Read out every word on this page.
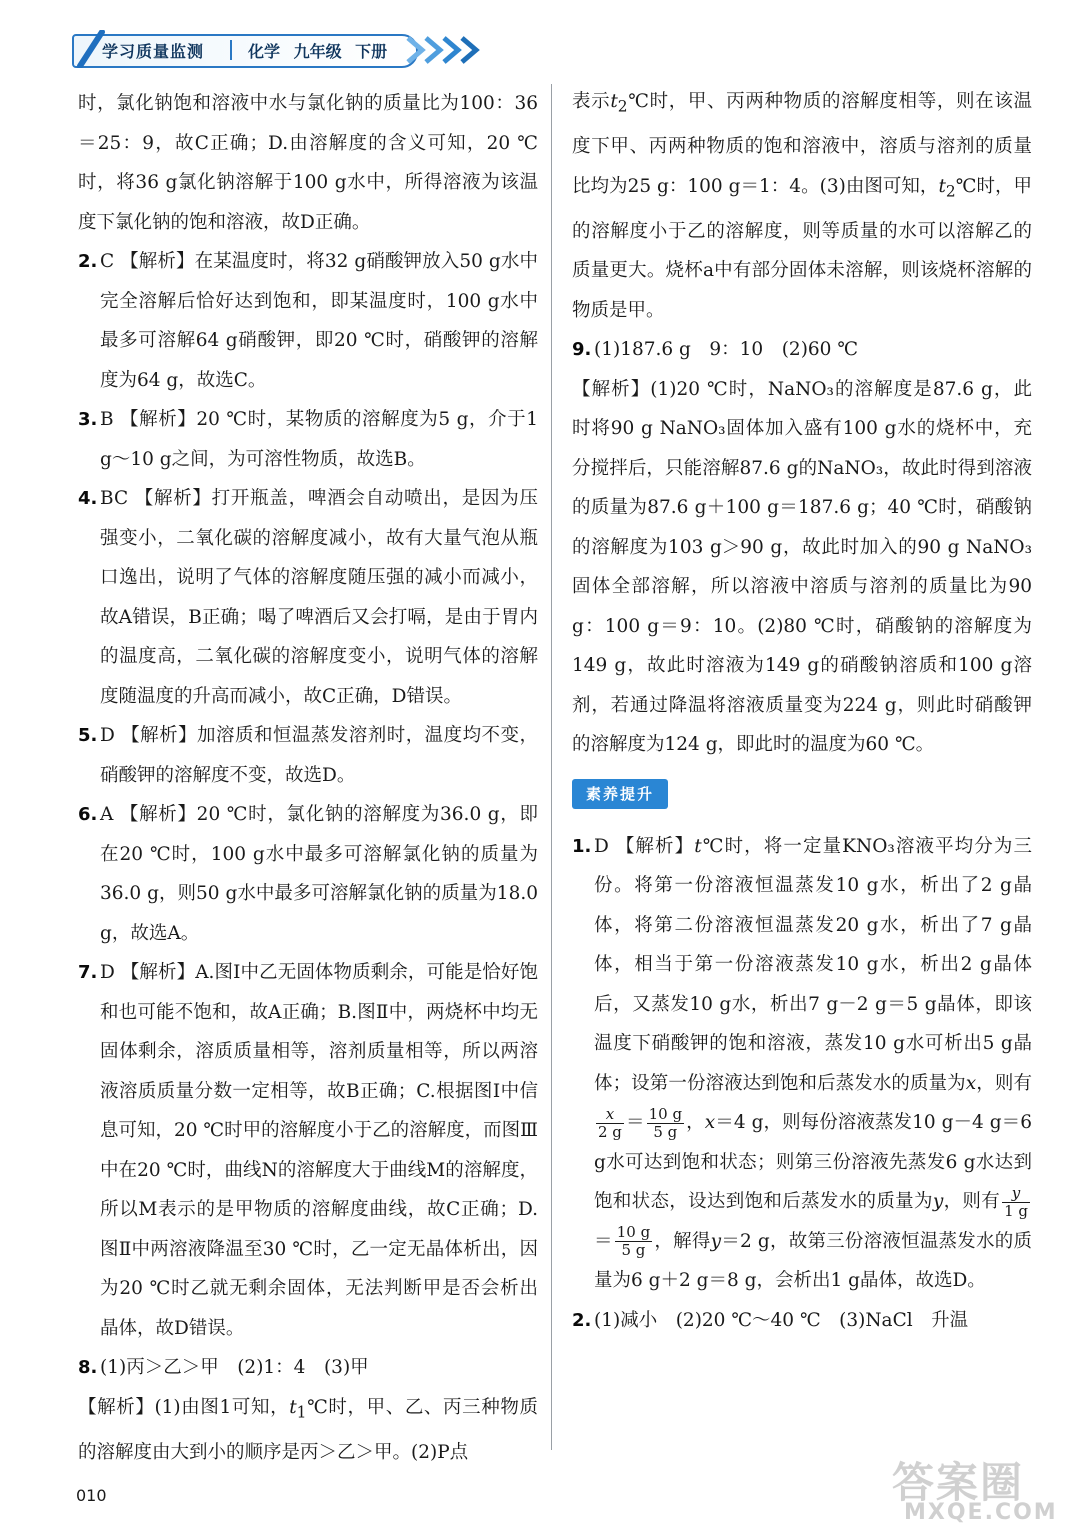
学习质量监测	化学 九年级 下册

时，氯化钠饱和溶液中水与氯化钠的质量比为100：36＝25：9，故C正确；D.由溶解度的含义可知，20 ℃时，将36 g氯化钠溶解于100 g水中，所得溶液为该温度下氯化钠的饱和溶液，故D正确。

2. C 【解析】在某温度时，将32 g硝酸钾放入50 g水中完全溶解后恰好达到饱和，即某温度时，100 g水中最多可溶解64 g硝酸钾，即20 ℃时，硝酸钾的溶解度为64 g，故选C。
3. B 【解析】20 ℃时，某物质的溶解度为5 g，介于1 g～10 g之间，为可溶性物质，故选B。
4. BC 【解析】打开瓶盖，啤酒会自动喷出，是因为压强变小，二氧化碳的溶解度减小，故有大量气泡从瓶口逸出，说明了气体的溶解度随压强的减小而减小，故A错误，B正确；喝了啤酒后又会打嗝，是由于胃内的温度高，二氧化碳的溶解度变小，说明气体的溶解度随温度的升高而减小，故C正确，D错误。
5. D 【解析】加溶质和恒温蒸发溶剂时，温度均不变，硝酸钾的溶解度不变，故选D。
6. A 【解析】20 ℃时，氯化钠的溶解度为36.0 g，即在20 ℃时，100 g水中最多可溶解氯化钠的质量为36.0 g，则50 g水中最多可溶解氯化钠的质量为18.0 g，故选A。
7. D 【解析】A.图Ⅰ中乙无固体物质剩余，可能是恰好饱和也可能不饱和，故A正确；B.图Ⅱ中，两烧杯中均无固体剩余，溶质质量相等，溶剂质量相等，所以两溶液溶质质量分数一定相等，故B正确；C.根据图Ⅰ中信息可知，20 ℃时甲的溶解度小于乙的溶解度，而图Ⅲ中在20 ℃时，曲线N的溶解度大于曲线M的溶解度，所以M表示的是甲物质的溶解度曲线，故C正确；D.图Ⅱ中两溶液降温至30 ℃时，乙一定无晶体析出，因为20 ℃时乙就无剩余固体，无法判断甲是否会析出晶体，故D错误。
8. (1)丙＞乙＞甲　(2)1：4　(3)甲

【解析】(1)由图1可知，$t_1℃$时，甲、乙、丙三种物质的溶解度由大到小的顺序是丙＞乙＞甲。(2)P点

表示$t_2℃$时，甲、丙两种物质的溶解度相等，则在该温度下甲、丙两种物质的饱和溶液中，溶质与溶剂的质量比均为25 g：100 g＝1：4。(3)由图可知，$t_2℃$时，甲的溶解度小于乙的溶解度，则等质量的水可以溶解乙的质量更大。烧杯a中有部分固体未溶解，则该烧杯溶解的物质是甲。

9. (1)187.6 g　9：10　(2)60 ℃

【解析】(1)20 ℃时，NaNO₃的溶解度是87.6 g，此时将90 g NaNO₃固体加入盛有100 g水的烧杯中，充分搅拌后，只能溶解87.6 g的NaNO₃，故此时得到溶液的质量为87.6 g＋100 g＝187.6 g；40 ℃时，硝酸钠的溶解度为103 g＞90 g，故此时加入的90 g NaNO₃固体全部溶解，所以溶液中溶质与溶剂的质量比为90 g：100 g＝9：10。(2)80 ℃时，硝酸钠的溶解度为149 g，故此时溶液为149 g的硝酸钠溶质和100 g溶剂，若通过降温将溶液质量变为224 g，则此时硝酸钾的溶解度为124 g，即此时的温度为60 ℃。

素养提升
1. D 【解析】t℃时，将一定量KNO₃溶液平均分为三份。将第一份溶液恒温蒸发10 g水，析出了2 g晶体，将第二份溶液恒温蒸发20 g水，析出了7 g晶体，相当于第一份溶液蒸发10 g水，析出2 g晶体后，又蒸发10 g水，析出7 g－2 g＝5 g晶体，即该温度下硝酸钾的饱和溶液，蒸发10 g水可析出5 g晶体；设第一份溶液达到饱和后蒸发水的质量为x，则有
$\frac{x}{2 g} = \frac{10 g}{5 g}$ ，x＝4 g，则每份溶液蒸发10 g－4 g＝6 g水可达到饱和状态；则第三份溶液先蒸发6 g水达到饱和状态，设达到饱和后蒸发水的质量为y，则有 $\frac{y}{1 g}$
＝ $\frac{10 g}{5 g}$ ，解得y＝2 g，故第三份溶液恒温蒸发水的质量为6 g＋2 g＝8 g，会析出1 g晶体，故选D。
2. (1)减小　(2)20 ℃～40 ℃　(3)NaCl　升温
010	答案圈
MXQE.COM
